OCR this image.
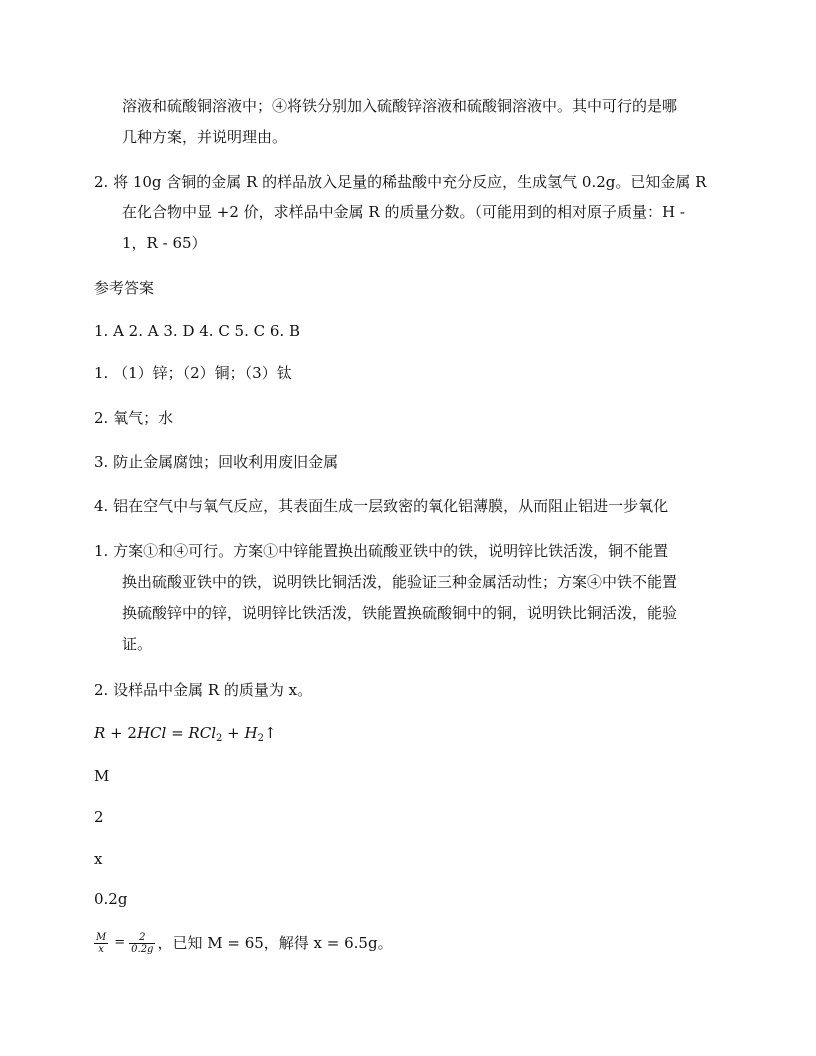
溶液和硫酸铜溶液中；④将铁分别加入硫酸锌溶液和硫酸铜溶液中。其中可行的是哪
几种方案，并说明理由。
2. 将 10g 含铜的金属 R 的样品放入足量的稀盐酸中充分反应，生成氢气 0.2g。已知金属 R
在化合物中显 +2 价，求样品中金属 R 的质量分数。（可能用到的相对原子质量：H -
1，R - 65）
参考答案
1. A 2. A 3. D 4. C 5. C 6. B
1. （1）锌；（2）铜；（3）钛
2. 氧气；水
3. 防止金属腐蚀；回收利用废旧金属
4. 铝在空气中与氧气反应，其表面生成一层致密的氧化铝薄膜，从而阻止铝进一步氧化
1. 方案①和④可行。方案①中锌能置换出硫酸亚铁中的铁，说明锌比铁活泼，铜不能置
换出硫酸亚铁中的铁，说明铁比铜活泼，能验证三种金属活动性；方案④中铁不能置
换硫酸锌中的锌，说明锌比铁活泼，铁能置换硫酸铜中的铜，说明铁比铜活泼，能验
证。
2. 设样品中金属 R 的质量为 x。
$R + 2HCl = RCl_2 + H_2↑$
M
2
x
0.2g
$\frac{M}{x} = \frac{2}{0.2g}$ ，已知 M = 65，解得 x = 6.5g。
